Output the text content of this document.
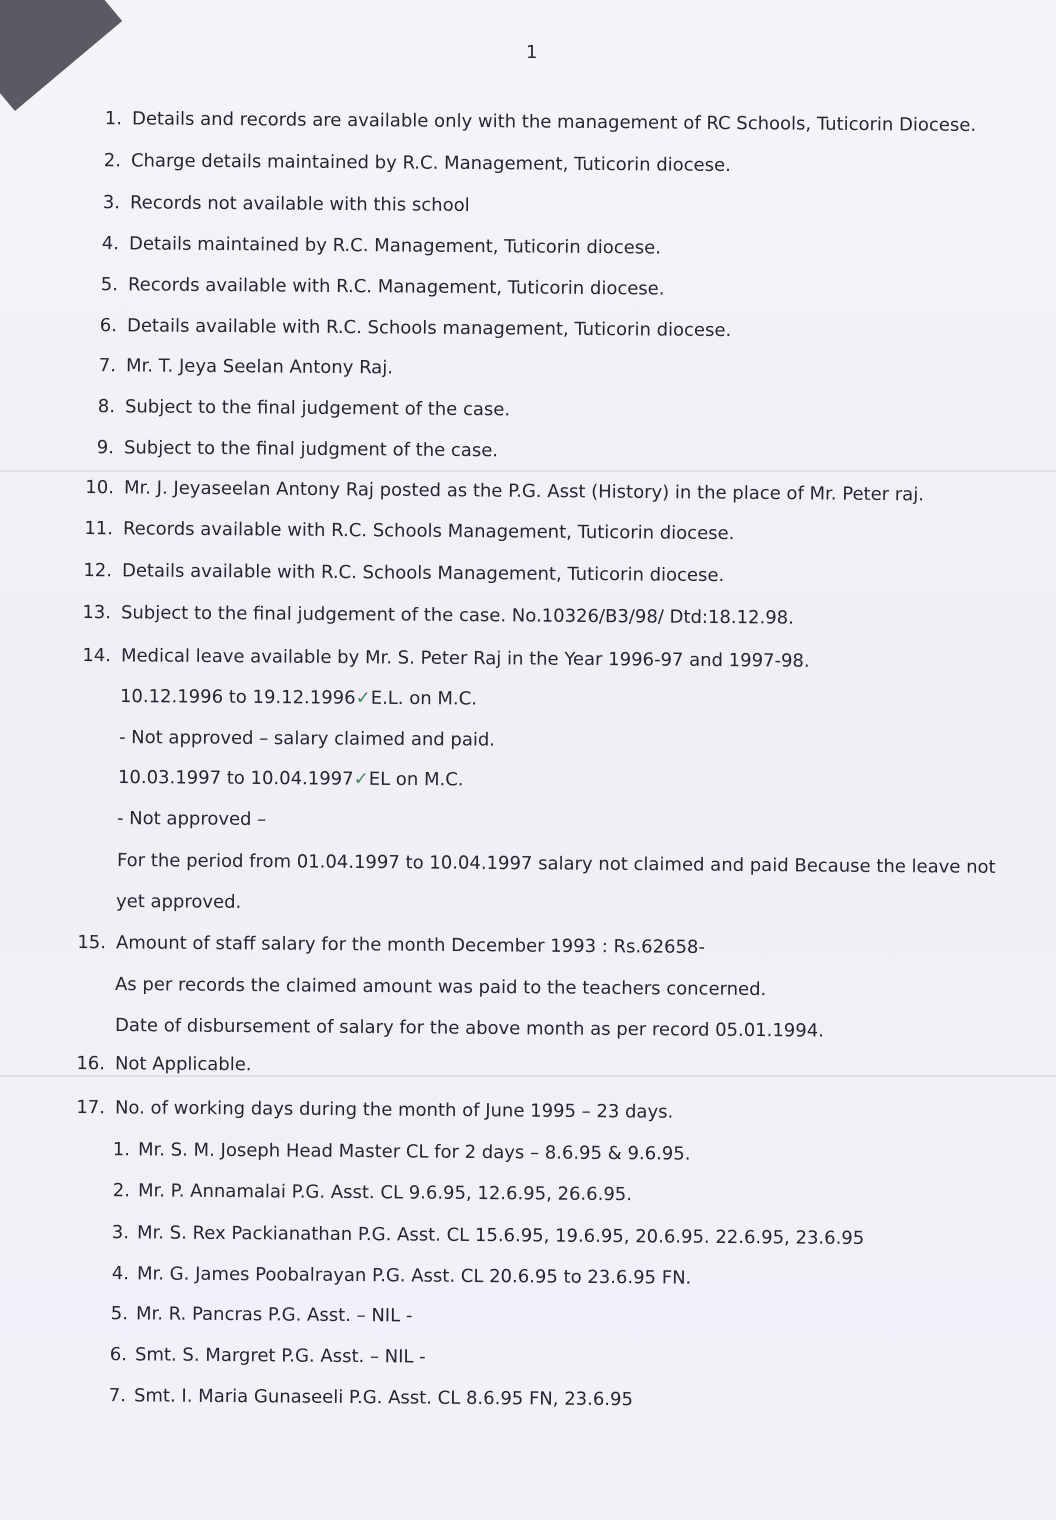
1
1. Details and records are available only with the management of RC Schools, Tuticorin Diocese.
2. Charge details maintained by R.C. Management, Tuticorin diocese.
3. Records not available with this school
4. Details maintained by R.C. Management, Tuticorin diocese.
5. Records available with R.C. Management, Tuticorin diocese.
6. Details available with R.C. Schools management, Tuticorin diocese.
7. Mr. T. Jeya Seelan Antony Raj.
8. Subject to the final judgement of the case.
9. Subject to the final judgment of the case.
10. Mr. J. Jeyaseelan Antony Raj posted as the P.G. Asst (History) in the place of Mr. Peter raj.
11. Records available with R.C. Schools Management, Tuticorin diocese.
12. Details available with R.C. Schools Management, Tuticorin diocese.
13. Subject to the final judgement of the case. No.10326/B3/98/ Dtd:18.12.98.
14. Medical leave available by Mr. S. Peter Raj in the Year 1996-97 and 1997-98.
10.12.1996 to 19.12.1996✓E.L. on M.C.
- Not approved – salary claimed and paid.
10.03.1997 to 10.04.1997✓EL on M.C.
- Not approved –
For the period from 01.04.1997 to 10.04.1997 salary not claimed and paid Because the leave not
yet approved.
15. Amount of staff salary for the month December 1993 : Rs.62658-
As per records the claimed amount was paid to the teachers concerned.
Date of disbursement of salary for the above month as per record 05.01.1994.
16. Not Applicable.
17. No. of working days during the month of June 1995 – 23 days.
1. Mr. S. M. Joseph Head Master CL for 2 days – 8.6.95 & 9.6.95.
2. Mr. P. Annamalai P.G. Asst. CL 9.6.95, 12.6.95, 26.6.95.
3. Mr. S. Rex Packianathan P.G. Asst. CL 15.6.95, 19.6.95, 20.6.95. 22.6.95, 23.6.95
4. Mr. G. James Poobalrayan P.G. Asst. CL 20.6.95 to 23.6.95 FN.
5. Mr. R. Pancras P.G. Asst. – NIL -
6. Smt. S. Margret P.G. Asst. – NIL -
7. Smt. I. Maria Gunaseeli P.G. Asst. CL 8.6.95 FN, 23.6.95
